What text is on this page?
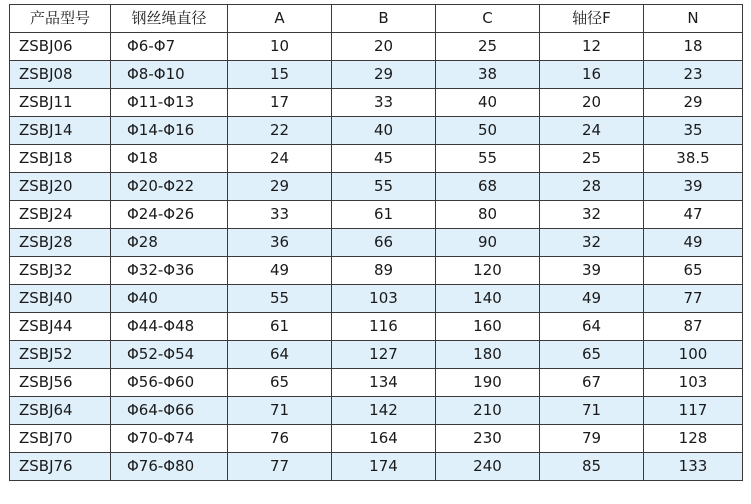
产品型号	钢丝绳直径	A	B	C	轴径F	N
ZSBJ06	Φ6-Φ7	10	20	25	12	18
ZSBJ08	Φ8-Φ10	15	29	38	16	23
ZSBJ11	Φ11-Φ13	17	33	40	20	29
ZSBJ14	Φ14-Φ16	22	40	50	24	35
ZSBJ18	Φ18	24	45	55	25	38.5
ZSBJ20	Φ20-Φ22	29	55	68	28	39
ZSBJ24	Φ24-Φ26	33	61	80	32	47
ZSBJ28	Φ28	36	66	90	32	49
ZSBJ32	Φ32-Φ36	49	89	120	39	65
ZSBJ40	Φ40	55	103	140	49	77
ZSBJ44	Φ44-Φ48	61	116	160	64	87
ZSBJ52	Φ52-Φ54	64	127	180	65	100
ZSBJ56	Φ56-Φ60	65	134	190	67	103
ZSBJ64	Φ64-Φ66	71	142	210	71	117
ZSBJ70	Φ70-Φ74	76	164	230	79	128
ZSBJ76	Φ76-Φ80	77	174	240	85	133
